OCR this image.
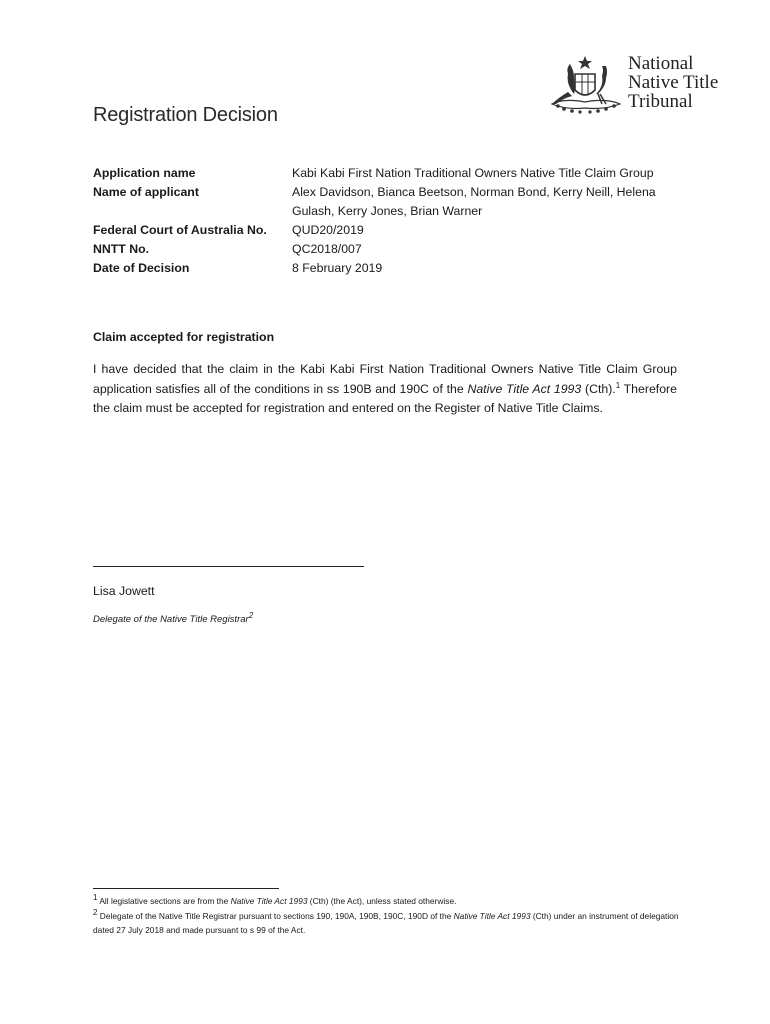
National
Native Title
Tribunal
Registration Decision
Application name	Kabi Kabi First Nation Traditional Owners Native Title Claim Group
Name of applicant	Alex Davidson, Bianca Beetson, Norman Bond, Kerry Neill, Helena Gulash, Kerry Jones, Brian Warner
Federal Court of Australia No.	QUD20/2019
NNTT No.	QC2018/007
Date of Decision	8 February 2019
Claim accepted for registration
I have decided that the claim in the Kabi Kabi First Nation Traditional Owners Native Title Claim Group application satisfies all of the conditions in ss 190B and 190C of the Native Title Act 1993 (Cth).$^1$ Therefore the claim must be accepted for registration and entered on the Register of Native Title Claims.
Lisa Jowett
Delegate of the Native Title Registrar$^2$
$^1$ All legislative sections are from the Native Title Act 1993 (Cth) (the Act), unless stated otherwise.
$^2$ Delegate of the Native Title Registrar pursuant to sections 190, 190A, 190B, 190C, 190D of the Native Title Act 1993 (Cth) under an instrument of delegation dated 27 July 2018 and made pursuant to s 99 of the Act.
